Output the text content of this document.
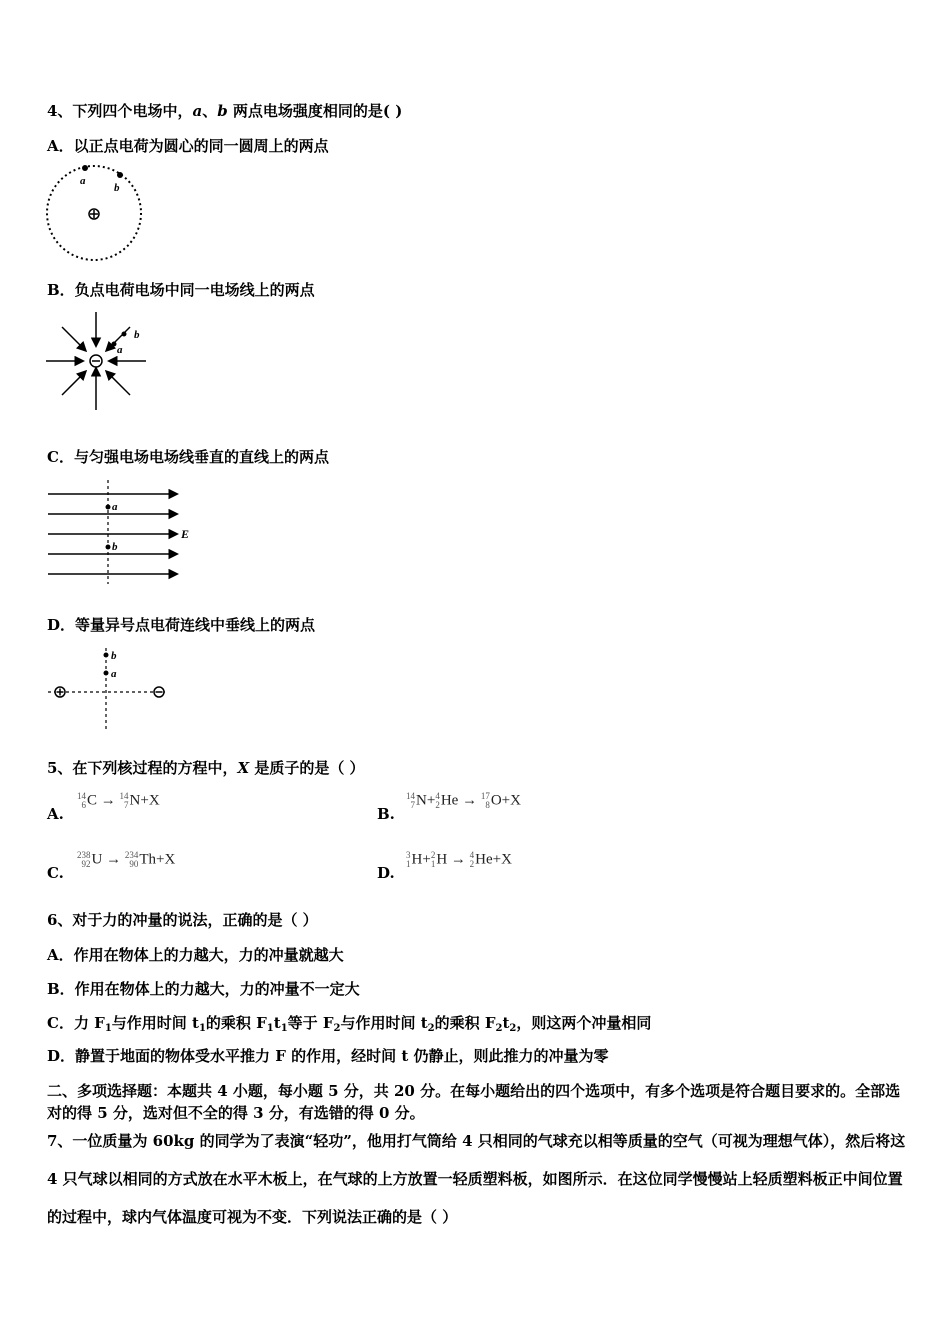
4、下列四个电场中，a、b 两点电场强度相同的是( )
A．以正点电荷为圆心的同一圆周上的两点
a
b
B．负点电荷电场中同一电场线上的两点
a
b
C．与匀强电场电场线垂直的直线上的两点
a
b
E
D．等量异号点电荷连线中垂线上的两点
b
a
5、在下列核过程的方程中，X 是质子的是（ ）
A.
14
6 C → 14
7 N+X
B.
14
7 N+ 4
2 He → 17
8 O+X
C.
238
92 U → 234
90 Th+X
D.
3
1 H+ 2
1 H → 4
2 He+X
6、对于力的冲量的说法，正确的是（ ）
A．作用在物体上的力越大，力的冲量就越大
B．作用在物体上的力越大，力的冲量不一定大
C．力 $F_1$与作用时间 $t_1$的乘积 $F_1t_1$等于 $F_2$与作用时间 $t_2$的乘积 $F_2t_2$，则这两个冲量相同
D．静置于地面的物体受水平推力 F 的作用，经时间 t 仍静止，则此推力的冲量为零
二、多项选择题：本题共 4 小题，每小题 5 分，共 20 分。在每小题给出的四个选项中，有多个选项是符合题目要求的。全部选对的得 5 分，选对但不全的得 3 分，有选错的得 0 分。
7、一位质量为 60kg 的同学为了表演“轻功”，他用打气筒给 4 只相同的气球充以相等质量的空气（可视为理想气体），然后将这 4 只气球以相同的方式放在水平木板上，在气球的上方放置一轻质塑料板，如图所示．在这位同学慢慢站上轻质塑料板正中间位置的过程中，球内气体温度可视为不变．下列说法正确的是（ ）
